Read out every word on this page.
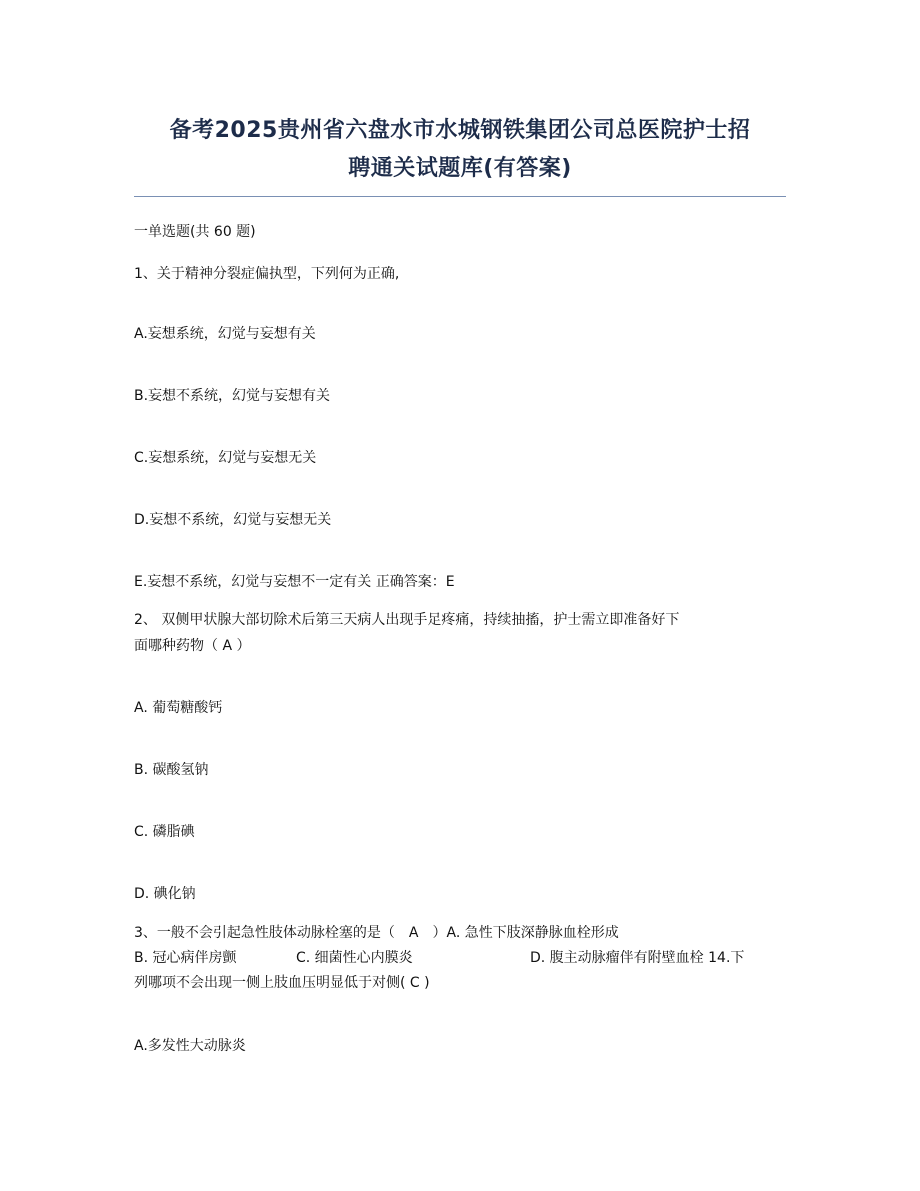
备考2025贵州省六盘水市水城钢铁集团公司总医院护士招
聘通关试题库(有答案)
一单选题(共 60 题)
1、关于精神分裂症偏执型，下列何为正确,
A.妄想系统，幻觉与妄想有关
B.妄想不系统，幻觉与妄想有关
C.妄想系统，幻觉与妄想无关
D.妄想不系统，幻觉与妄想无关
E.妄想不系统，幻觉与妄想不一定有关 正确答案：E
2、 双侧甲状腺大部切除术后第三天病人出现手足疼痛，持续抽搐，护士需立即准备好下
面哪种药物（ A ）
A. 葡萄糖酸钙
B. 碳酸氢钠
C. 磷脂碘
D. 碘化钠
3、一般不会引起急性肢体动脉栓塞的是（　A　）A. 急性下肢深静脉血栓形成
B. 冠心病伴房颤	C. 细菌性心内膜炎	D. 腹主动脉瘤伴有附壁血栓 14.下
列哪项不会出现一侧上肢血压明显低于对侧( C )
A.多发性大动脉炎
